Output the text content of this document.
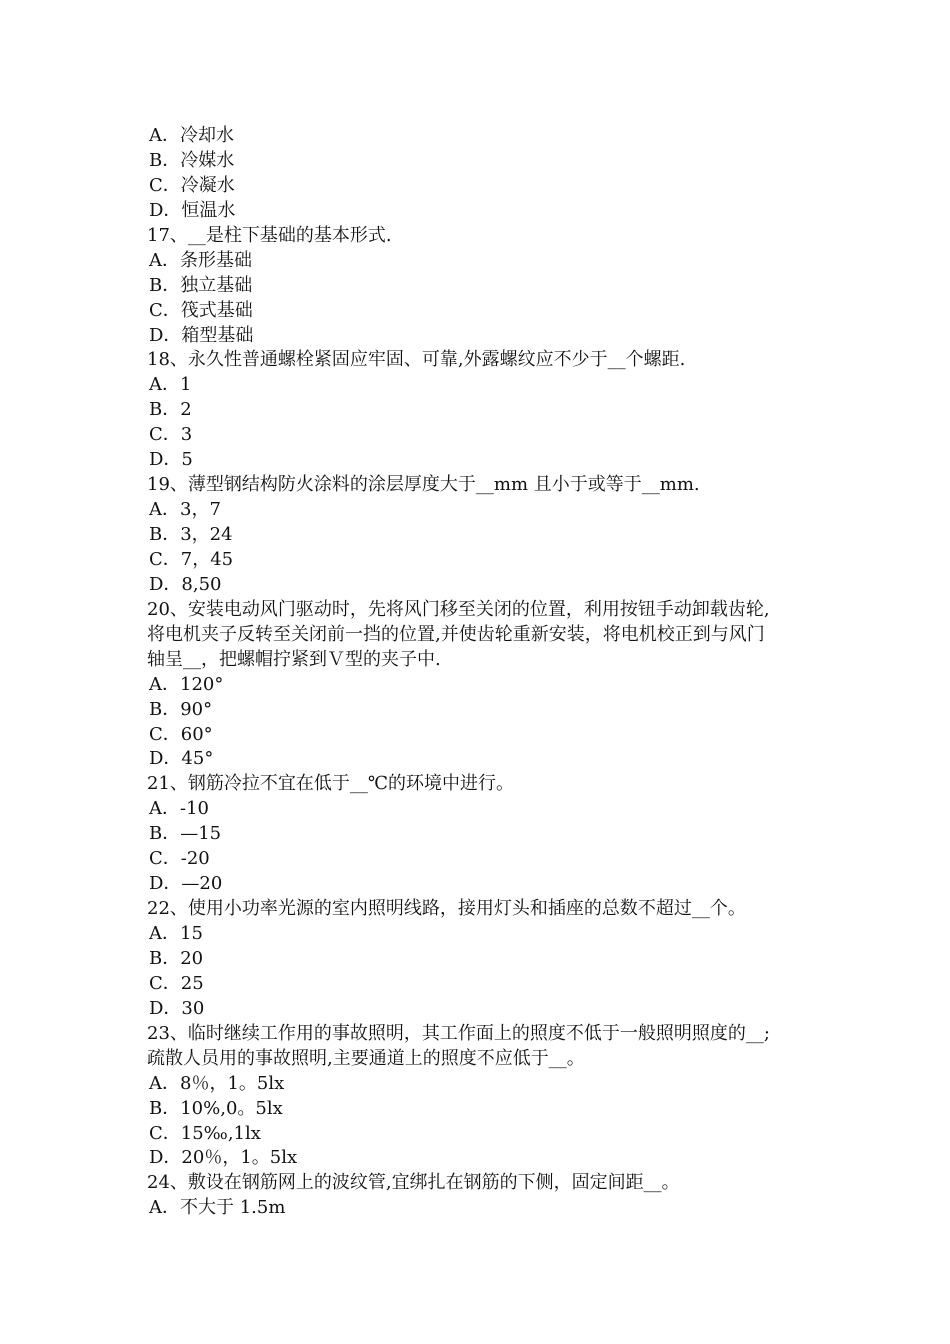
A．冷却水
B．冷媒水
C．冷凝水
D．恒温水
17、__是柱下基础的基本形式.
A．条形基础
B．独立基础
C．筏式基础
D．箱型基础
18、永久性普通螺栓紧固应牢固、可靠,外露螺纹应不少于__个螺距.
A．1
B．2
C．3
D．5
19、薄型钢结构防火涂料的涂层厚度大于__mm 且小于或等于__mm.
A．3，7
B．3，24
C．7，45
D．8,50
20、安装电动风门驱动时，先将风门移至关闭的位置，利用按钮手动卸载齿轮,
将电机夹子反转至关闭前一挡的位置,并使齿轮重新安装，将电机校正到与风门
轴呈__，把螺帽拧紧到Ｖ型的夹子中.
A．120°
B．90°
C．60°
D．45°
21、钢筋冷拉不宜在低于__℃的环境中进行。
A．-10
B．—15
C．-20
D．—20
22、使用小功率光源的室内照明线路，接用灯头和插座的总数不超过__个。
A．15
B．20
C．25
D．30
23、临时继续工作用的事故照明，其工作面上的照度不低于一般照明照度的__;
疏散人员用的事故照明,主要通道上的照度不应低于__。
A．8％，1。5lx
B．10%,0。5lx
C．15‰,1lx
D．20％，1。5lx
24、敷设在钢筋网上的波纹管,宜绑扎在钢筋的下侧，固定间距__。
A．不大于 1.5m
